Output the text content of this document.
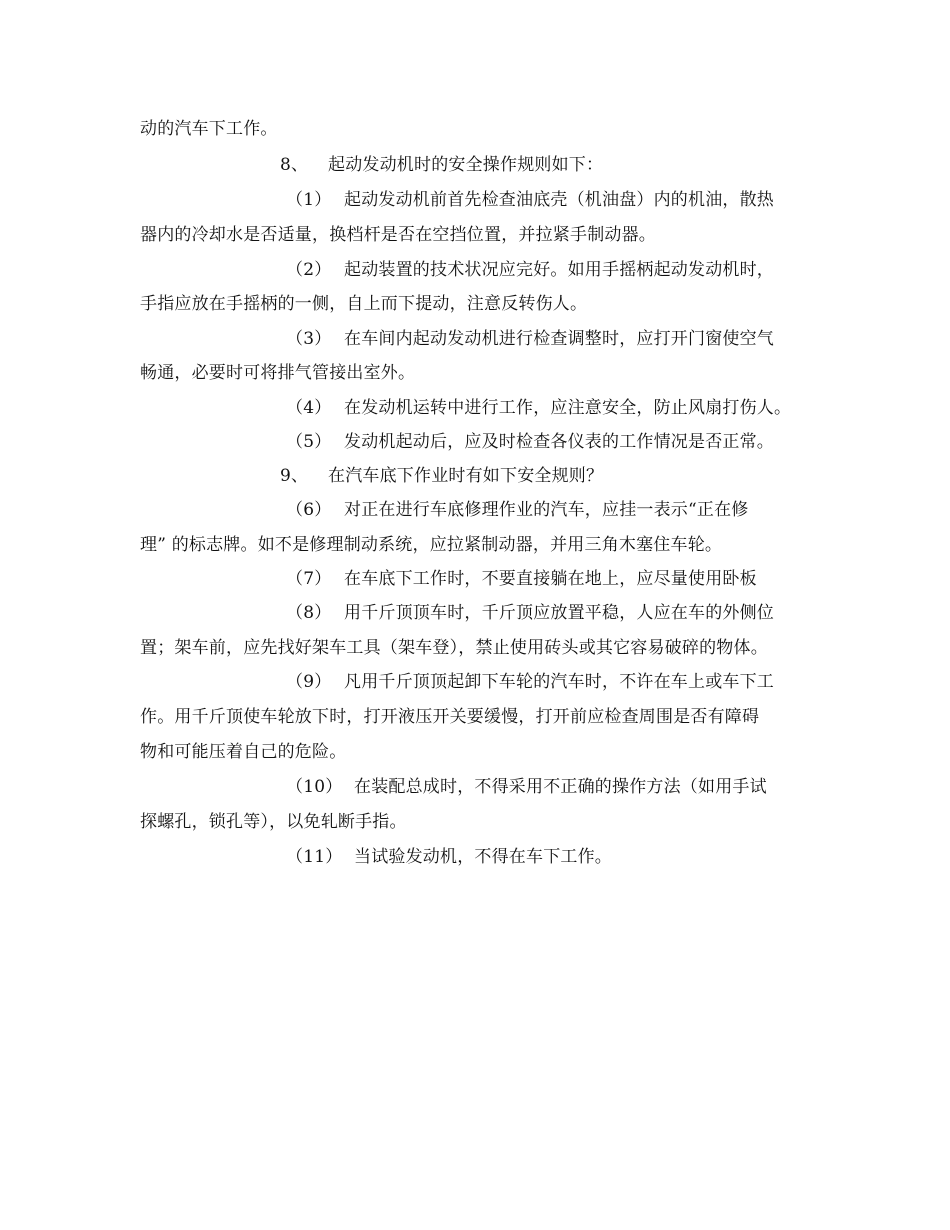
动的汽车下工作。
8、 起动发动机时的安全操作规则如下：
（1） 起动发动机前首先检查油底壳（机油盘）内的机油，散热
器内的冷却水是否适量，换档杆是否在空挡位置，并拉紧手制动器。
（2） 起动装置的技术状况应完好。如用手摇柄起动发动机时，
手指应放在手摇柄的一侧，自上而下提动，注意反转伤人。
（3） 在车间内起动发动机进行检查调整时，应打开门窗使空气
畅通，必要时可将排气管接出室外。
（4） 在发动机运转中进行工作，应注意安全，防止风扇打伤人。
（5） 发动机起动后，应及时检查各仪表的工作情况是否正常。
9、 在汽车底下作业时有如下安全规则？
（6） 对正在进行车底修理作业的汽车，应挂一表示“正在修
理” 的标志牌。如不是修理制动系统，应拉紧制动器，并用三角木塞住车轮。
（7） 在车底下工作时，不要直接躺在地上，应尽量使用卧板
（8） 用千斤顶顶车时，千斤顶应放置平稳，人应在车的外侧位
置；架车前，应先找好架车工具（架车登），禁止使用砖头或其它容易破碎的物体。
（9） 凡用千斤顶顶起卸下车轮的汽车时，不许在车上或车下工
作。用千斤顶使车轮放下时，打开液压开关要缓慢，打开前应检查周围是否有障碍
物和可能压着自己的危险。
（10） 在装配总成时，不得采用不正确的操作方法（如用手试
探螺孔，锁孔等），以免轧断手指。
（11） 当试验发动机，不得在车下工作。
